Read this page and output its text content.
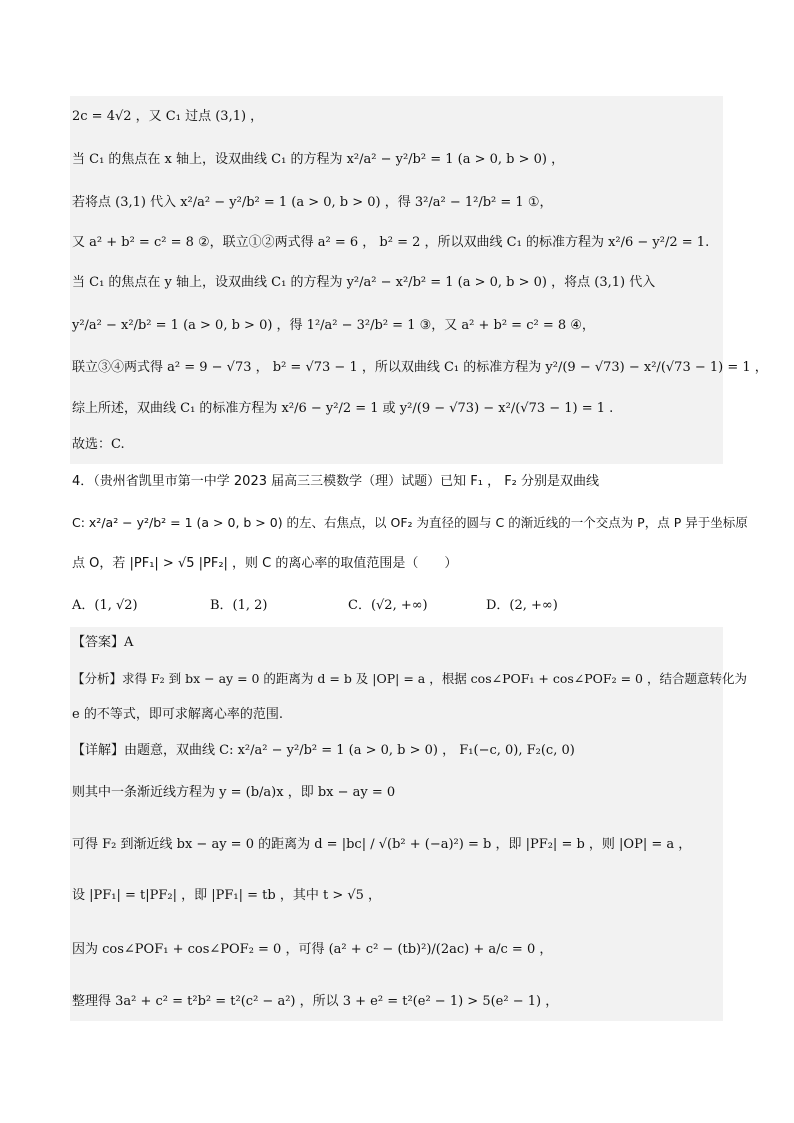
2c = 4√2 ，又 C₁ 过点 (3,1) ，
当 C₁ 的焦点在 x 轴上，设双曲线 C₁ 的方程为 x²/a² − y²/b² = 1 (a > 0, b > 0) ，
若将点 (3,1) 代入 x²/a² − y²/b² = 1 (a > 0, b > 0) ，得 3²/a² − 1²/b² = 1 ①，
又 a² + b² = c² = 8 ②，联立①②两式得 a² = 6 ， b² = 2 ，所以双曲线 C₁ 的标准方程为 x²/6 − y²/2 = 1.
当 C₁ 的焦点在 y 轴上，设双曲线 C₁ 的方程为 y²/a² − x²/b² = 1 (a > 0, b > 0) ，将点 (3,1) 代入
y²/a² − x²/b² = 1 (a > 0, b > 0) ，得 1²/a² − 3²/b² = 1 ③，又 a² + b² = c² = 8 ④，
联立③④两式得 a² = 9 − √73 ， b² = √73 − 1 ，所以双曲线 C₁ 的标准方程为 y²/(9 − √73) − x²/(√73 − 1) = 1 ，
综上所述，双曲线 C₁ 的标准方程为 x²/6 − y²/2 = 1 或 y²/(9 − √73) − x²/(√73 − 1) = 1 .
故选：C.
4．（贵州省凯里市第一中学 2023 届高三三模数学（理）试题）已知 F₁ ， F₂ 分别是双曲线
C: x²/a² − y²/b² = 1 (a > 0, b > 0) 的左、右焦点，以 OF₂ 为直径的圆与 C 的渐近线的一个交点为 P，点 P 异于坐标原
点 O，若 |PF₁| > √5 |PF₂| ，则 C 的离心率的取值范围是（　　）
A．(1, √2)	B．(1, 2)	C．(√2, +∞)	D．(2, +∞)
【答案】A
【分析】求得 F₂ 到 bx − ay = 0 的距离为 d = b 及 |OP| = a ，根据 cos∠POF₁ + cos∠POF₂ = 0 ，结合题意转化为
e 的不等式，即可求解离心率的范围.
【详解】由题意，双曲线 C: x²/a² − y²/b² = 1 (a > 0, b > 0) ， F₁(−c, 0), F₂(c, 0)
则其中一条渐近线方程为 y = (b/a)x ，即 bx − ay = 0
可得 F₂ 到渐近线 bx − ay = 0 的距离为 d = |bc| / √(b² + (−a)²) = b ，即 |PF₂| = b ，则 |OP| = a ，
设 |PF₁| = t|PF₂| ，即 |PF₁| = tb ，其中 t > √5 ，
因为 cos∠POF₁ + cos∠POF₂ = 0 ，可得 (a² + c² − (tb)²)/(2ac) + a/c = 0 ，
整理得 3a² + c² = t²b² = t²(c² − a²) ，所以 3 + e² = t²(e² − 1) > 5(e² − 1) ，
